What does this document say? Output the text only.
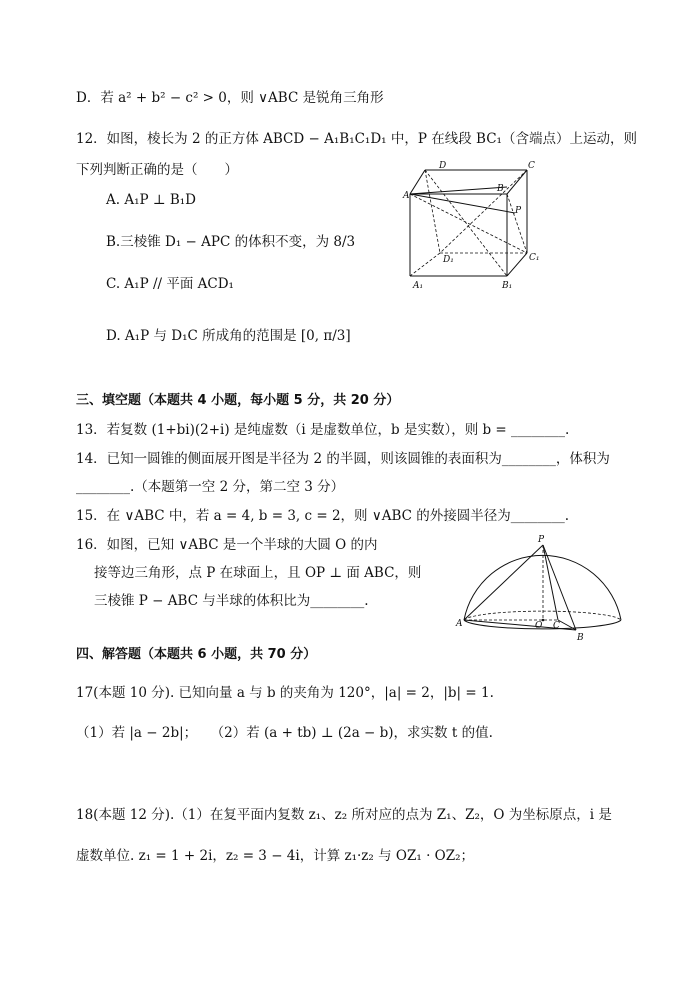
D．若 a² + b² − c² > 0，则 ∨ABC 是锐角三角形
12．如图，棱长为 2 的正方体 ABCD − A₁B₁C₁D₁ 中，P 在线段 BC₁（含端点）上运动，则
下列判断正确的是（　　）
A. A₁P ⊥ B₁D
B.三棱锥 D₁ − APC 的体积不变，为 8/3
C. A₁P // 平面 ACD₁
D. A₁P 与 D₁C 所成角的范围是 [0, π/3]
D	C
A
B
P
D₁	C₁
A₁	B₁
三、填空题（本题共 4 小题，每小题 5 分，共 20 分）
13．若复数 (1+bi)(2+i) 是纯虚数（i 是虚数单位，b 是实数），则 b = ________.
14．已知一圆锥的侧面展开图是半径为 2 的半圆，则该圆锥的表面积为________，体积为
________.（本题第一空 2 分，第二空 3 分）
15．在 ∨ABC 中，若 a = 4, b = 3, c = 2，则 ∨ABC 的外接圆半径为________.
16．如图，已知 ∨ABC 是一个半球的大圆 O 的内
接等边三角形，点 P 在球面上，且 OP ⊥ 面 ABC，则
三棱锥 P − ABC 与半球的体积比为________.
P
A	O C
B
四、解答题（本题共 6 小题，共 70 分）
17(本题 10 分). 已知向量 a 与 b 的夹角为 120°，|a| = 2，|b| = 1.
（1）若 |a − 2b|；　　（2）若 (a + tb) ⊥ (2a − b)，求实数 t 的值.
18(本题 12 分).（1）在复平面内复数 z₁、z₂ 所对应的点为 Z₁、Z₂，O 为坐标原点，i 是
虚数单位. z₁ = 1 + 2i，z₂ = 3 − 4i，计算 z₁·z₂ 与 OZ₁ · OZ₂；
